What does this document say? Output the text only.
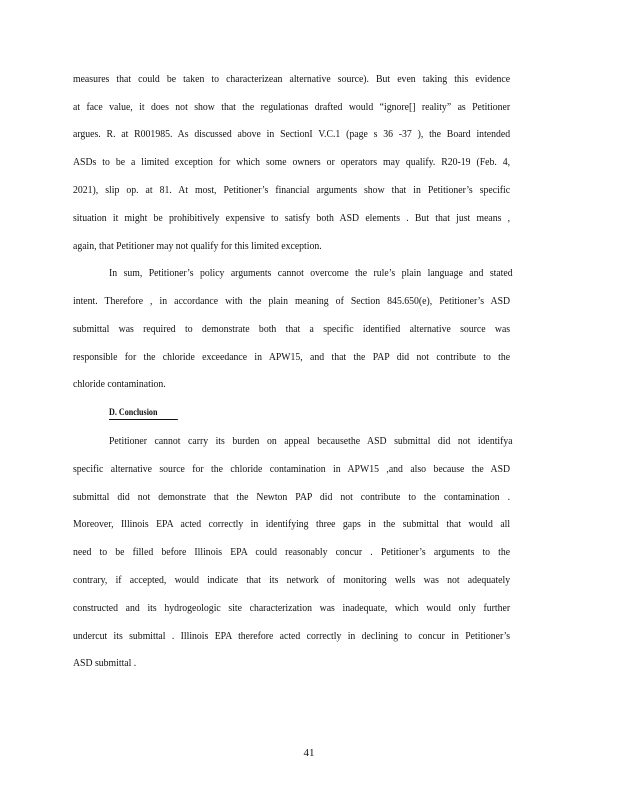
measures that could be taken to characterizean alternative source). But even taking this evidence
at face value, it does not show that the regulationas drafted would “ignore[] reality” as Petitioner
argues. R. at R001985. As discussed above in SectionI V.C.1 (page s 36 -37 ), the Board intended
ASDs to be a limited exception for which some owners or operators may qualify. R20-19 (Feb. 4,
2021), slip op. at 81. At most, Petitioner’s financial arguments show that in Petitioner’s specific
situation it might be prohibitively expensive to satisfy both ASD elements . But that just means ,
again, that Petitioner may not qualify for this limited exception.
In sum, Petitioner’s policy arguments cannot overcome the rule’s plain language and stated
intent. Therefore , in accordance with the plain meaning of Section 845.650(e), Petitioner’s ASD
submittal was required to demonstrate both that a specific identified alternative source was
responsible for the chloride exceedance in APW15, and that the PAP did not contribute to the
chloride contamination.
D. Conclusion
Petitioner cannot carry its burden on appeal becausethe ASD submittal did not identifya
specific alternative source for the chloride contamination in APW15 ,and also because the ASD
submittal did not demonstrate that the Newton PAP did not contribute to the contamination .
Moreover, Illinois EPA acted correctly in identifying three gaps in the submittal that would all
need to be filled before Illinois EPA could reasonably concur . Petitioner’s arguments to the
contrary, if accepted, would indicate that its network of monitoring wells was not adequately
constructed and its hydrogeologic site characterization was inadequate, which would only further
undercut its submittal . Illinois EPA therefore acted correctly in declining to concur in Petitioner’s
ASD submittal .
41
